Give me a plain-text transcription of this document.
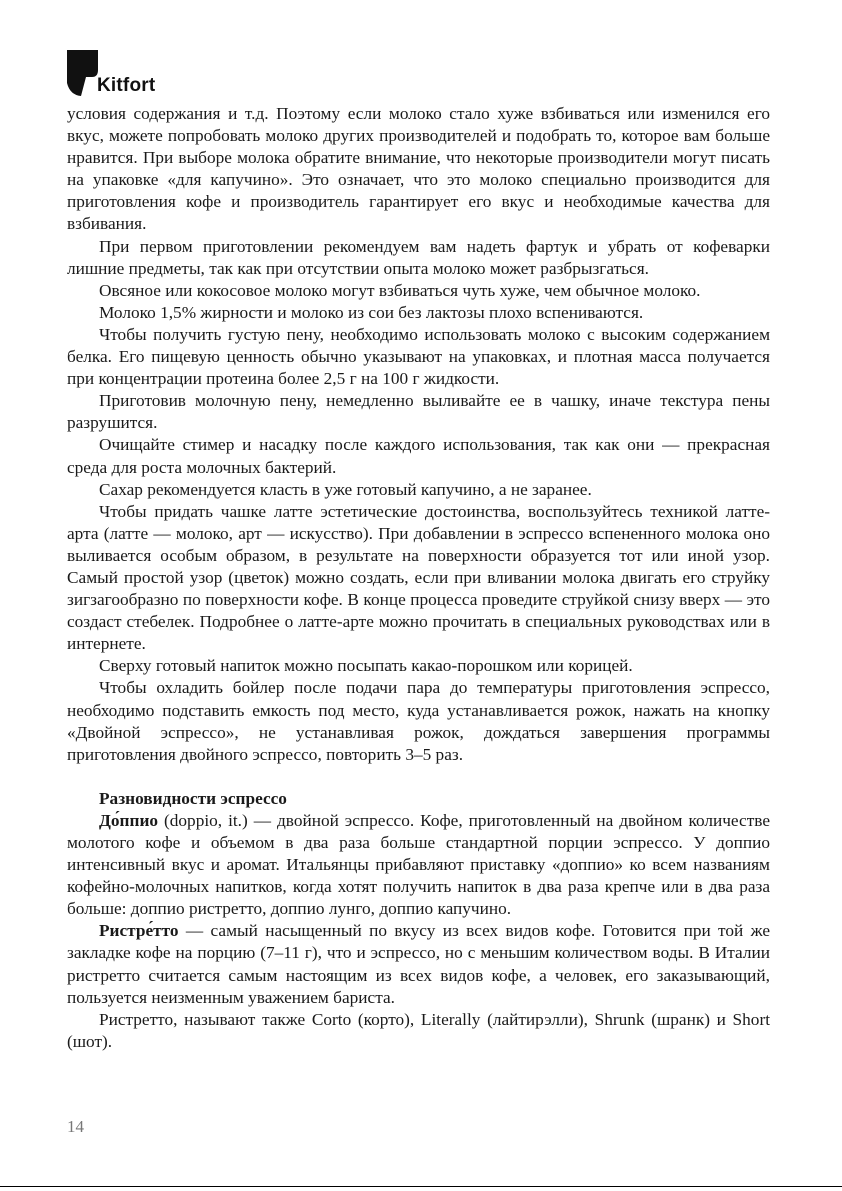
Kitfort

условия содержания и т.д. Поэтому если молоко стало хуже взбиваться или изменился его вкус, можете попробовать молоко других производителей и подобрать то, которое вам больше нравится. При выборе молока обратите внимание, что некоторые производители могут писать на упаковке «для капучино». Это означает, что это молоко специально производится для приготовления кофе и производитель гарантирует его вкус и необходимые качества для взбивания.

При первом приготовлении рекомендуем вам надеть фартук и убрать от кофеварки лишние предметы, так как при отсутствии опыта молоко может разбрызгаться.

Овсяное или кокосовое молоко могут взбиваться чуть хуже, чем обычное молоко.

Молоко 1,5% жирности и молоко из сои без лактозы плохо вспениваются.

Чтобы получить густую пену, необходимо использовать молоко с высоким содержанием белка. Его пищевую ценность обычно указывают на упаковках, и плотная масса получается при концентрации протеина более 2,5 г на 100 г жидкости.

Приготовив молочную пену, немедленно выливайте ее в чашку, иначе текстура пены разрушится.

Очищайте стимер и насадку после каждого использования, так как они — прекрасная среда для роста молочных бактерий.

Сахар рекомендуется класть в уже готовый капучино, а не заранее.

Чтобы придать чашке латте эстетические достоинства, воспользуйтесь техникой латте-арта (латте — молоко, арт — искусство). При добавлении в эспрессо вспененного молока оно выливается особым образом, в результате на поверхности образуется тот или иной узор. Самый простой узор (цветок) можно создать, если при вливании молока двигать его струйку зигзагообразно по поверхности кофе. В конце процесса проведите струйкой снизу вверх — это создаст стебелек. Подробнее о латте-арте можно прочитать в специальных руководствах или в интернете.

Сверху готовый напиток можно посыпать какао-порошком или корицей.

Чтобы охладить бойлер после подачи пара до температуры приготовления эспрессо, необходимо подставить емкость под место, куда устанавливается рожок, нажать на кнопку «Двойной эспрессо», не устанавливая рожок, дождаться завершения программы приготовления двойного эспрессо, повторить 3–5 раз.

Разновидности эспрессо

До́ппио (doppio, it.) — двойной эспрессо. Кофе, приготовленный на двойном количестве молотого кофе и объемом в два раза больше стандартной порции эспрессо. У доппио интенсивный вкус и аромат. Итальянцы прибавляют приставку «доппио» ко всем названиям кофейно-молочных напитков, когда хотят получить напиток в два раза крепче или в два раза больше: доппио ристретто, доппио лунго, доппио капучино.

Ристре́тто — самый насыщенный по вкусу из всех видов кофе. Готовится при той же закладке кофе на порцию (7–11 г), что и эспрессо, но с меньшим количеством воды. В Италии ристретто считается самым настоящим из всех видов кофе, а человек, его заказывающий, пользуется неизменным уважением бариста.

Ристретто, называют также Corto (корто), Literally (лайтирэлли), Shrunk (шранк) и Short (шот).

14
